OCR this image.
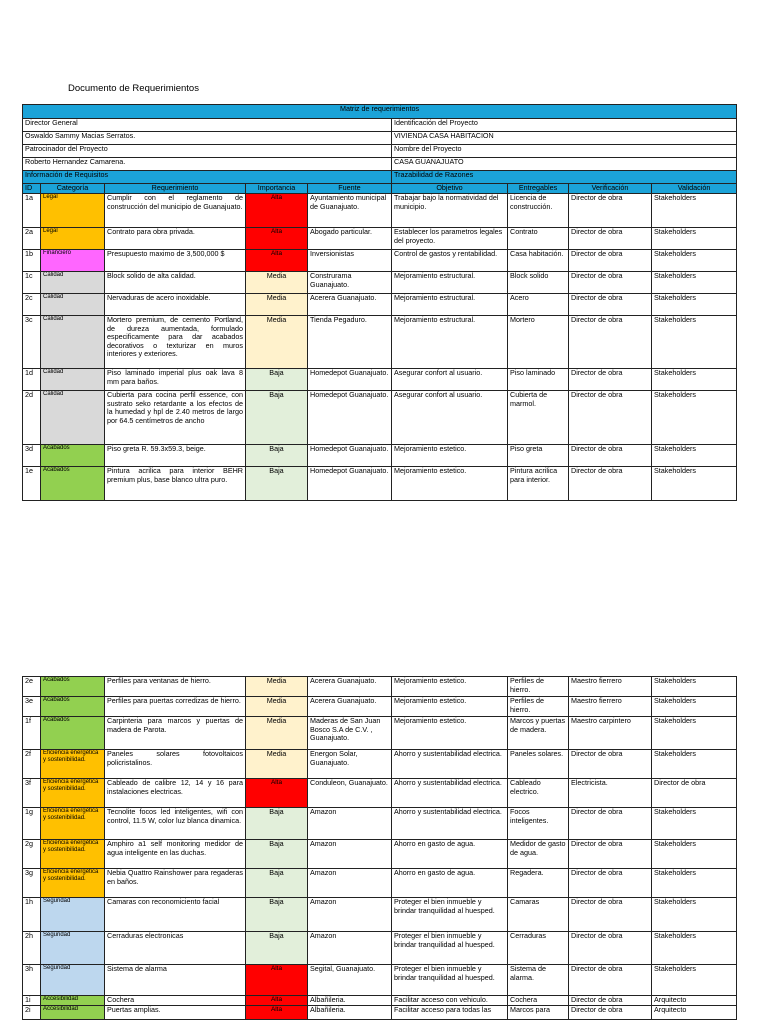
Documento de Requerimientos
Matriz de requerimientos								
Director General					Identificación del Proyecto			
Oswaldo Sammy Macias Serratos.					VIVIENDA CASA HABITACION			
Patrocinador del Proyecto					Nombre del Proyecto			
Roberto Hernandez Camarena.					CASA GUANAJUATO			
Información de Requisitos					Trazabilidad de Razones			
ID	Categoría	Requerimiento	Importancia	Fuente	Objetivo	Entregables	Verificación	Validación
1a	Legal	Cumplir con el reglamento de construcción del municipio de Guanajuato.	Alta	Ayuntamiento municipal de Guanajuato.	Trabajar bajo la normatividad del municipio.	Licencia de construcción.	Director de obra	Stakeholders
2a	Legal	Contrato para obra privada.	Alta	Abogado particular.	Establecer los parametros legales del proyecto.	Contrato	Director de obra	Stakeholders
1b	Financiero	Presupuesto maximo de 3,500,000 $	Alta	Inversionistas	Control de gastos y rentabilidad.	Casa habitación.	Director de obra	Stakeholders
1c	Calidad	Block solido de alta calidad.	Media	Construrama Guanajuato.	Mejoramiento estructural.	Block solido	Director de obra	Stakeholders
2c	Calidad	Nervaduras de acero inoxidable.	Media	Acerera Guanajuato.	Mejoramiento estructural.	Acero	Director de obra	Stakeholders
3c	Calidad	Mortero premium, de cemento Portland, de dureza aumentada, formulado especificamente para dar acabados decorativos o texturizar en muros interiores y exteriores.	Media	Tienda Pegaduro.	Mejoramiento estructural.	Mortero	Director de obra	Stakeholders
1d	Calidad	Piso laminado imperial plus oak lava 8 mm para baños.	Baja	Homedepot Guanajuato.	Asegurar confort al usuario.	Piso laminado	Director de obra	Stakeholders
2d	Calidad	Cubierta para cocina perfil essence, con sustrato seko retardante a los efectos de la humedad y hpl de 2.40 metros de largo por 64.5 centímetros de ancho	Baja	Homedepot Guanajuato.	Asegurar confort al usuario.	Cubierta de marmol.	Director de obra	Stakeholders
3d	Acabados	Piso greta R. 59.3x59.3, beige.	Baja	Homedepot Guanajuato.	Mejoramiento estetico.	Piso greta	Director de obra	Stakeholders
1e	Acabados	Pintura acrilica para interior BEHR premium plus, base blanco ultra puro.	Baja	Homedepot Guanajuato.	Mejoramiento estetico.	Pintura acrilica para interior.	Director de obra	Stakeholders
2e	Acabados	Perfiles para ventanas de hierro.	Media	Acerera Guanajuato.	Mejoramiento estetico.	Perfiles de hierro.	Maestro fierrero	Stakeholders
3e	Acabados	Perfiles para puertas corredizas de hierro.	Media	Acerera Guanajuato.	Mejoramiento estetico.	Perfiles de hierro.	Maestro fierrero	Stakeholders
1f	Acabados	Carpinteria para marcos y puertas de madera de Parota.	Media	Maderas de San Juan Bosco S.A de C.V. , Guanajuato.	Mejoramiento estetico.	Marcos y puertas de madera.	Maestro carpintero	Stakeholders
2f	Eficiencia energética y sostenibilidad.	Paneles solares fotovoltaicos policristalinos.	Media	Energon Solar, Guanajuato.	Ahorro y sustentabilidad electrica.	Paneles solares.	Director de obra	Stakeholders
3f	Eficiencia energética y sostenibilidad.	Cableado de calibre 12, 14 y 16 para instalaciones electricas.	Alta	Conduleon, Guanajuato.	Ahorro y sustentabilidad electrica.	Cableado electrico.	Electricista.	Director de obra
1g	Eficiencia energética y sostenibilidad.	Tecnolite focos led inteligentes, wifi con control, 11.5 W, color luz blanca dinamica.	Baja	Amazon	Ahorro y sustentabilidad electrica.	Focos inteligentes.	Director de obra	Stakeholders
2g	Eficiencia energética y sostenibilidad.	Amphiro a1 self monitoring medidor de agua inteligente en las duchas.	Baja	Amazon	Ahorro en gasto de agua.	Medidor de gasto de agua.	Director de obra	Stakeholders
3g	Eficiencia energética y sostenibilidad.	Nebia Quattro Rainshower para regaderas en baños.	Baja	Amazon	Ahorro en gasto de agua.	Regadera.	Director de obra	Stakeholders
1h	Seguridad	Camaras con reconomiciento facial	Baja	Amazon	Proteger el bien inmueble y brindar tranquilidad al huesped.	Camaras	Director de obra	Stakeholders
2h	Seguridad	Cerraduras electronicas	Baja	Amazon	Proteger el bien inmueble y brindar tranquilidad al huesped.	Cerraduras	Director de obra	Stakeholders
3h	Seguridad	Sistema de alarma	Alta	Segital, Guanajuato.	Proteger el bien inmueble y brindar tranquilidad al huesped.	Sistema de alarma.	Director de obra	Stakeholders
1i	Accesibilidad	Cochera	Alta	Albañileria.	Facilitar acceso con vehiculo.	Cochera	Director de obra	Arquitecto
2i	Accesibilidad	Puertas amplias.	Alta	Albañileria.	Facilitar acceso para todas las	Marcos para	Director de obra	Arquitecto
